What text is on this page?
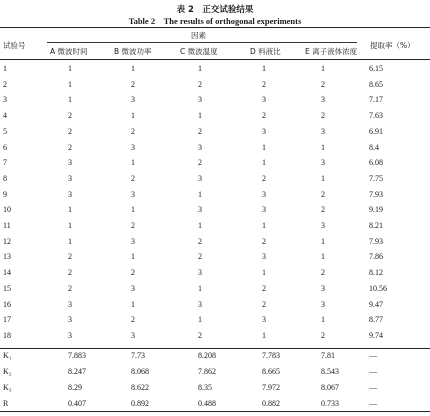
表 2　正交试验结果
Table 2　The results of orthogonal experiments
因素
试验号
A 微波时间	B 微波功率	C 微波温度	D 料液比	E 离子液体浓度
提取率（%）
1	1	1	1	1	1	6.15
2	1	2	2	2	2	8.65
3	1	3	3	3	3	7.17
4	2	1	1	2	2	7.63
5	2	2	2	3	3	6.91
6	2	3	3	1	1	8.4
7	3	1	2	1	3	6.08
8	3	2	3	2	1	7.75
9	3	3	1	3	2	7.93
10	1	1	3	3	2	9.19
11	1	2	1	1	3	8.21
12	1	3	2	2	1	7.93
13	2	1	2	3	1	7.86
14	2	2	3	1	2	8.12
15	2	3	1	2	3	10.56
16	3	1	3	2	3	9.47
17	3	2	1	3	1	8.77
18	3	3	2	1	2	9.74
K₁	7.883	7.73	8.208	7.783	7.81	—
K₂	8.247	8.068	7.862	8.665	8.543	—
K₃	8.29	8.622	8.35	7.972	8.067	—
R	0.407	0.892	0.488	0.882	0.733	—
